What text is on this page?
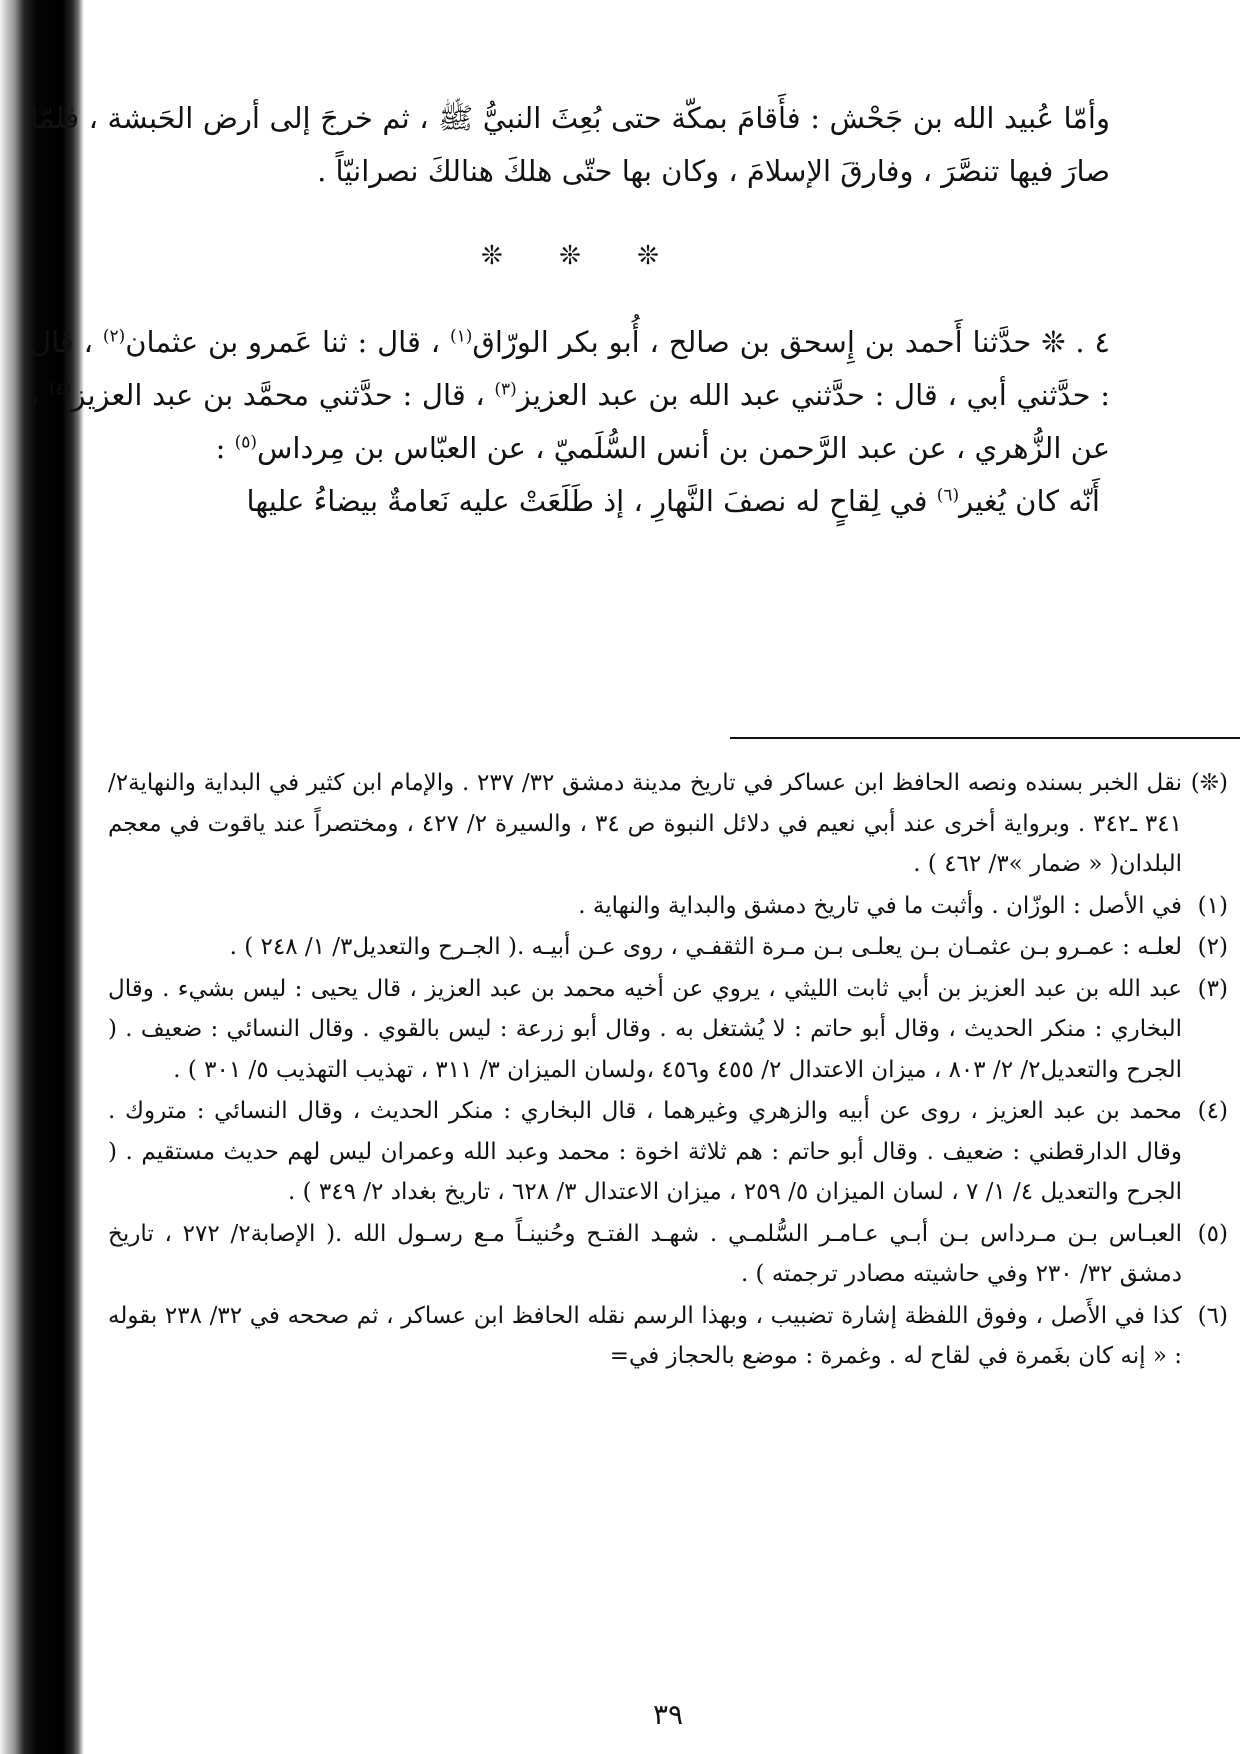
وأمّا عُبيد الله بن جَحْش : فأَقامَ بمكّة حتى بُعِثَ النبيُّ ﷺ ، ثم خرجَ إلى أرض الحَبشة ، فلمّا صارَ فيها تنصَّرَ ، وفارقَ الإسلامَ ، وكان بها حتّى هلكَ هنالكَ نصرانيّاً .

❊ ❊ ❊

٤ . ❊ حدَّثنا أَحمد بن إِسحق بن صالح ، أُبو بكر الورّاق$^{(١)}$ ، قال : ثنا عَمرو بن عثمان$^{(٢)}$ ، قال : حدَّثني أبي ، قال : حدَّثني عبد الله بن عبد العزيز$^{(٣)}$ ، قال : حدَّثني محمَّد بن عبد العزيز$^{(٤)}$ ، عن الزُّهري ، عن عبد الرَّحمن بن أنس السُّلَميّ ، عن العبّاس بن مِرداس$^{(٥)}$ :

أَنّه كان يُغير$^{(٦)}$ في لِقاحٍ له نصفَ النَّهارِ ، إذ طَلَعَتْ عليه نَعامةٌ بيضاءُ عليها

(❊)
نقل الخبر بسنده ونصه الحافظ ابن عساكر في تاريخ مدينة دمشق ٣٢/ ٢٣٧ . والإمام ابن كثير في البداية والنهاية٢/ ٣٤١ ـ٣٤٢ . وبرواية أخرى عند أبي نعيم في دلائل النبوة ص ٣٤ ، والسيرة ٢/ ٤٢٧ ، ومختصراً عند ياقوت في معجم البلدان( « ضمار »٣/ ٤٦٢ ) .
(١)
في الأصل : الوزّان . وأثبت ما في تاريخ دمشق والبداية والنهاية .
(٢)
لعلـه : عمـرو بـن عثمـان بـن يعلـى بـن مـرة الثقفـي ، روى عـن أبيـه .( الجـرح والتعديل٣/ ١/ ٢٤٨ ) .
(٣)
عبد الله بن عبد العزيز بن أبي ثابت الليثي ، يروي عن أخيه محمد بن عبد العزيز ، قال يحيى : ليس بشيء . وقال البخاري : منكر الحديث ، وقال أبو حاتم : لا يُشتغل به . وقال أبو زرعة : ليس بالقوي . وقال النسائي : ضعيف . ( الجرح والتعديل٢/ ٢/ ٨٠٣ ، ميزان الاعتدال ٢/ ٤٥٥ و٤٥٦ ،ولسان الميزان ٣/ ٣١١ ، تهذيب التهذيب ٥/ ٣٠١ ) .
(٤)
محمد بن عبد العزيز ، روى عن أبيه والزهري وغيرهما ، قال البخاري : منكر الحديث ، وقال النسائي : متروك . وقال الدارقطني : ضعيف . وقال أبو حاتم : هم ثلاثة اخوة : محمد وعبد الله وعمران ليس لهم حديث مستقيم . ( الجرح والتعديل ٤/ ١/ ٧ ، لسان الميزان ٥/ ٢٥٩ ، ميزان الاعتدال ٣/ ٦٢٨ ، تاريخ بغداد ٢/ ٣٤٩ ) .
(٥)
العبـاس بـن مـرداس بـن أبـي عـامـر السُّلمـي . شهـد الفتـح وحُنينـاً مـع رسـول الله .( الإصابة٢/ ٢٧٢ ، تاريخ دمشق ٣٢/ ٢٣٠ وفي حاشيته مصادر ترجمته ) .
(٦)
كذا في الأَصل ، وفوق اللفظة إشارة تضبيب ، وبهذا الرسم نقله الحافظ ابن عساكر ، ثم صححه في ٣٢/ ٢٣٨ بقوله : « إنه كان بغَمرة في لقاح له . وغمرة : موضع بالحجاز في=
٣٩
